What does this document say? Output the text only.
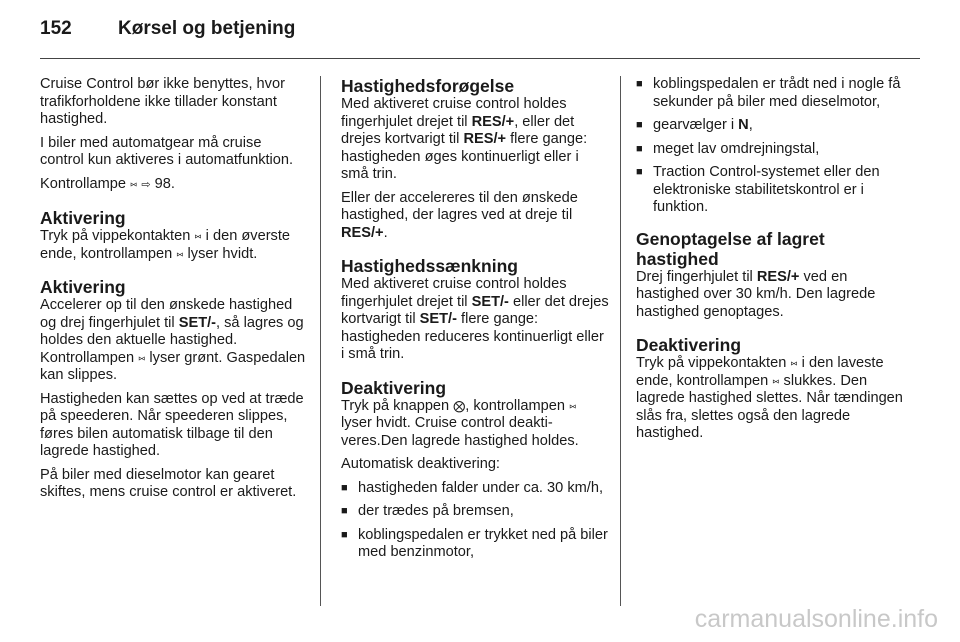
152 Kørsel og betjening

Cruise Control bør ikke benyttes, hvor trafikforholdene ikke tillader konstant hastighed.

I biler med automatgear må cruise control kun aktiveres i automatfunktion.

Kontrollampe ⑅ ⇨ 98.

Aktivering

Tryk på vippekontakten ⑅ i den øverste ende, kontrollampen ⑅ lyser hvidt.

Aktivering

Accelerer op til den ønskede hastighed og drej fingerhjulet til SET/-, så lagres og holdes den aktuelle hastighed. Kontrollampen ⑅ lyser grønt. Gaspedalen kan slippes.

Hastigheden kan sættes op ved at træde på speederen. Når speederen slippes, føres bilen automatisk tilbage til den lagrede hastighed.

På biler med dieselmotor kan gearet skiftes, mens cruise control er aktiveret.

Hastighedsforøgelse

Med aktiveret cruise control holdes fingerhjulet drejet til RES/+, eller det drejes kortvarigt til RES/+ flere gange: hastigheden øges kontinuerligt eller i små trin.

Eller der accelereres til den ønskede hastighed, der lagres ved at dreje til RES/+.

Hastighedssænkning

Med aktiveret cruise control holdes fingerhjulet drejet til SET/- eller det drejes kortvarigt til SET/- flere gange: hastigheden reduceres kontinuerligt eller i små trin.

Deaktivering

Tryk på knappen ⨂, kontrollampen ⑅ lyser hvidt. Cruise control deaktiveres.Den lagrede hastighed holdes.

Automatisk deaktivering:

■ hastigheden falder under ca. 30 km/h,
■ der trædes på bremsen,
■ koblingspedalen er trykket ned på biler med benzinmotor,
■ koblingspedalen er trådt ned i nogle få sekunder på biler med dieselmotor,
■ gearvælger i N,
■ meget lav omdrejningstal,
■ Traction Control-systemet eller den elektroniske stabilitetskontrol er i funktion.
Genoptagelse af lagret hastighed

Drej fingerhjulet til RES/+ ved en hastighed over 30 km/h. Den lagrede hastighed genoptages.

Deaktivering

Tryk på vippekontakten ⑅ i den laveste ende, kontrollampen ⑅ slukkes. Den lagrede hastighed slettes. Når tændingen slås fra, slettes også den lagrede hastighed.

carmanualsonline.info
